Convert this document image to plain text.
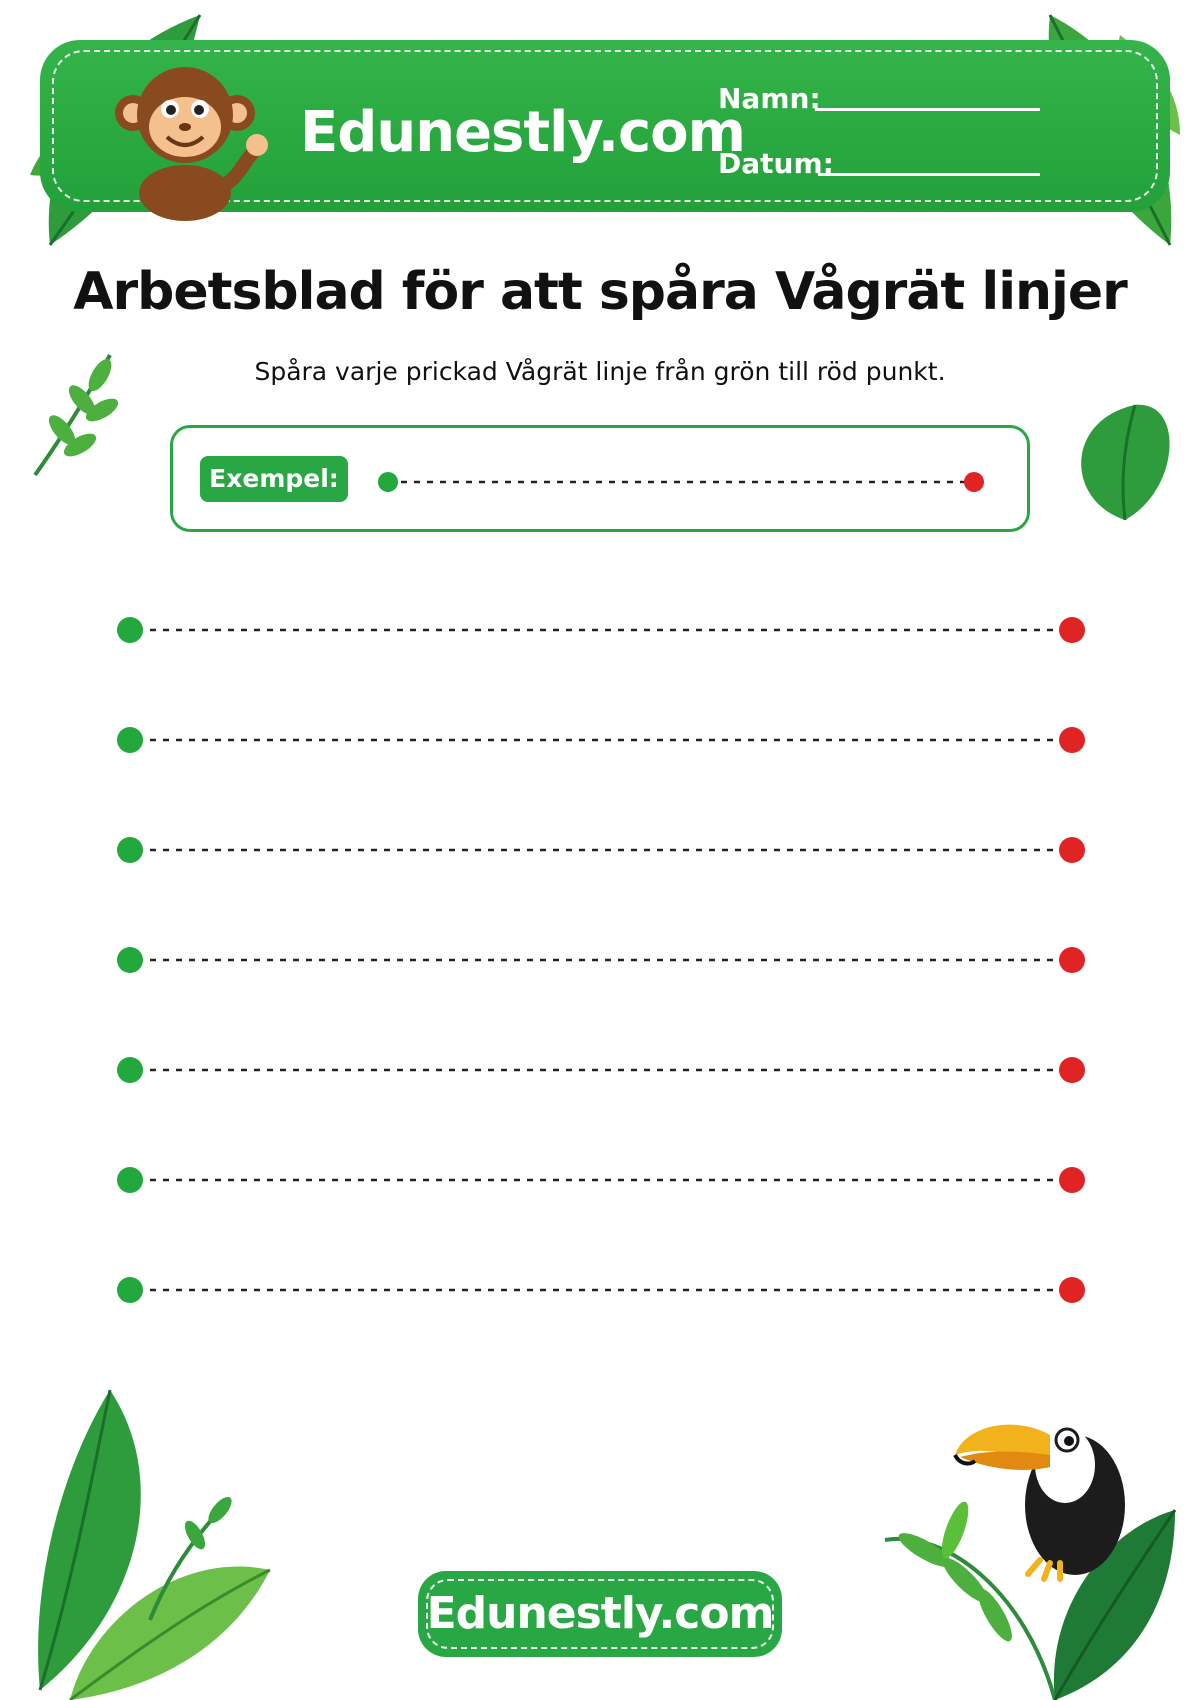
Edunestly.com
Namn:
Datum:
Arbetsblad för att spåra Vågrät linjer
Spåra varje prickad Vågrät linje från grön till röd punkt.
Exempel:
Edunestly.com
